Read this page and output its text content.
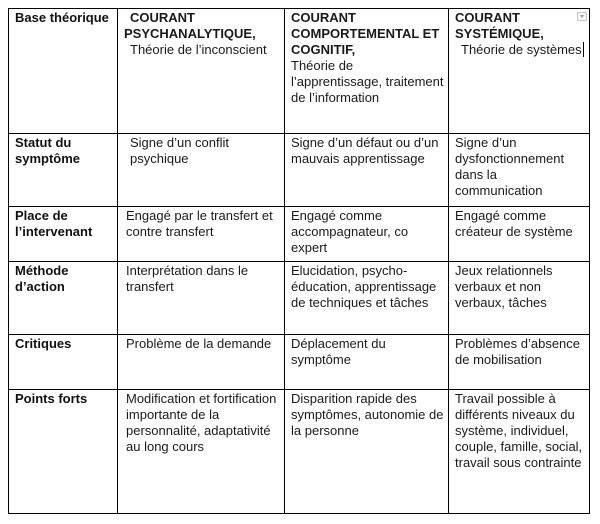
Base théorique	COURANT
PSYCHANALYTIQUE,
Théorie de l’inconscient	COURANT
COMPORTEMENTAL ET COGNITIF,
Théorie de l’apprentissage, traitement de l’information	COURANT
SYSTÉMIQUE,
Théorie de systèmes

Statut du symptôme	Signe d’un conflit psychique	Signe d’un défaut ou d’un mauvais apprentissage	Signe d’un dysfonctionnement dans la communication

Place de l’intervenant	Engagé par le transfert et contre transfert	Engagé comme accompagnateur, co expert	Engagé comme créateur de système

Méthode d’action	Interprétation dans le transfert	Elucidation, psycho-éducation, apprentissage de techniques et tâches	Jeux relationnels verbaux et non verbaux, tâches

Critiques	Problème de la demande	Déplacement du symptôme	Problèmes d’absence de mobilisation

Points forts	Modification et fortification importante de la personnalité, adaptativité au long cours	Disparition rapide des symptômes, autonomie de la personne	Travail possible à différents niveaux du système, individuel, couple, famille, social, travail sous contrainte
